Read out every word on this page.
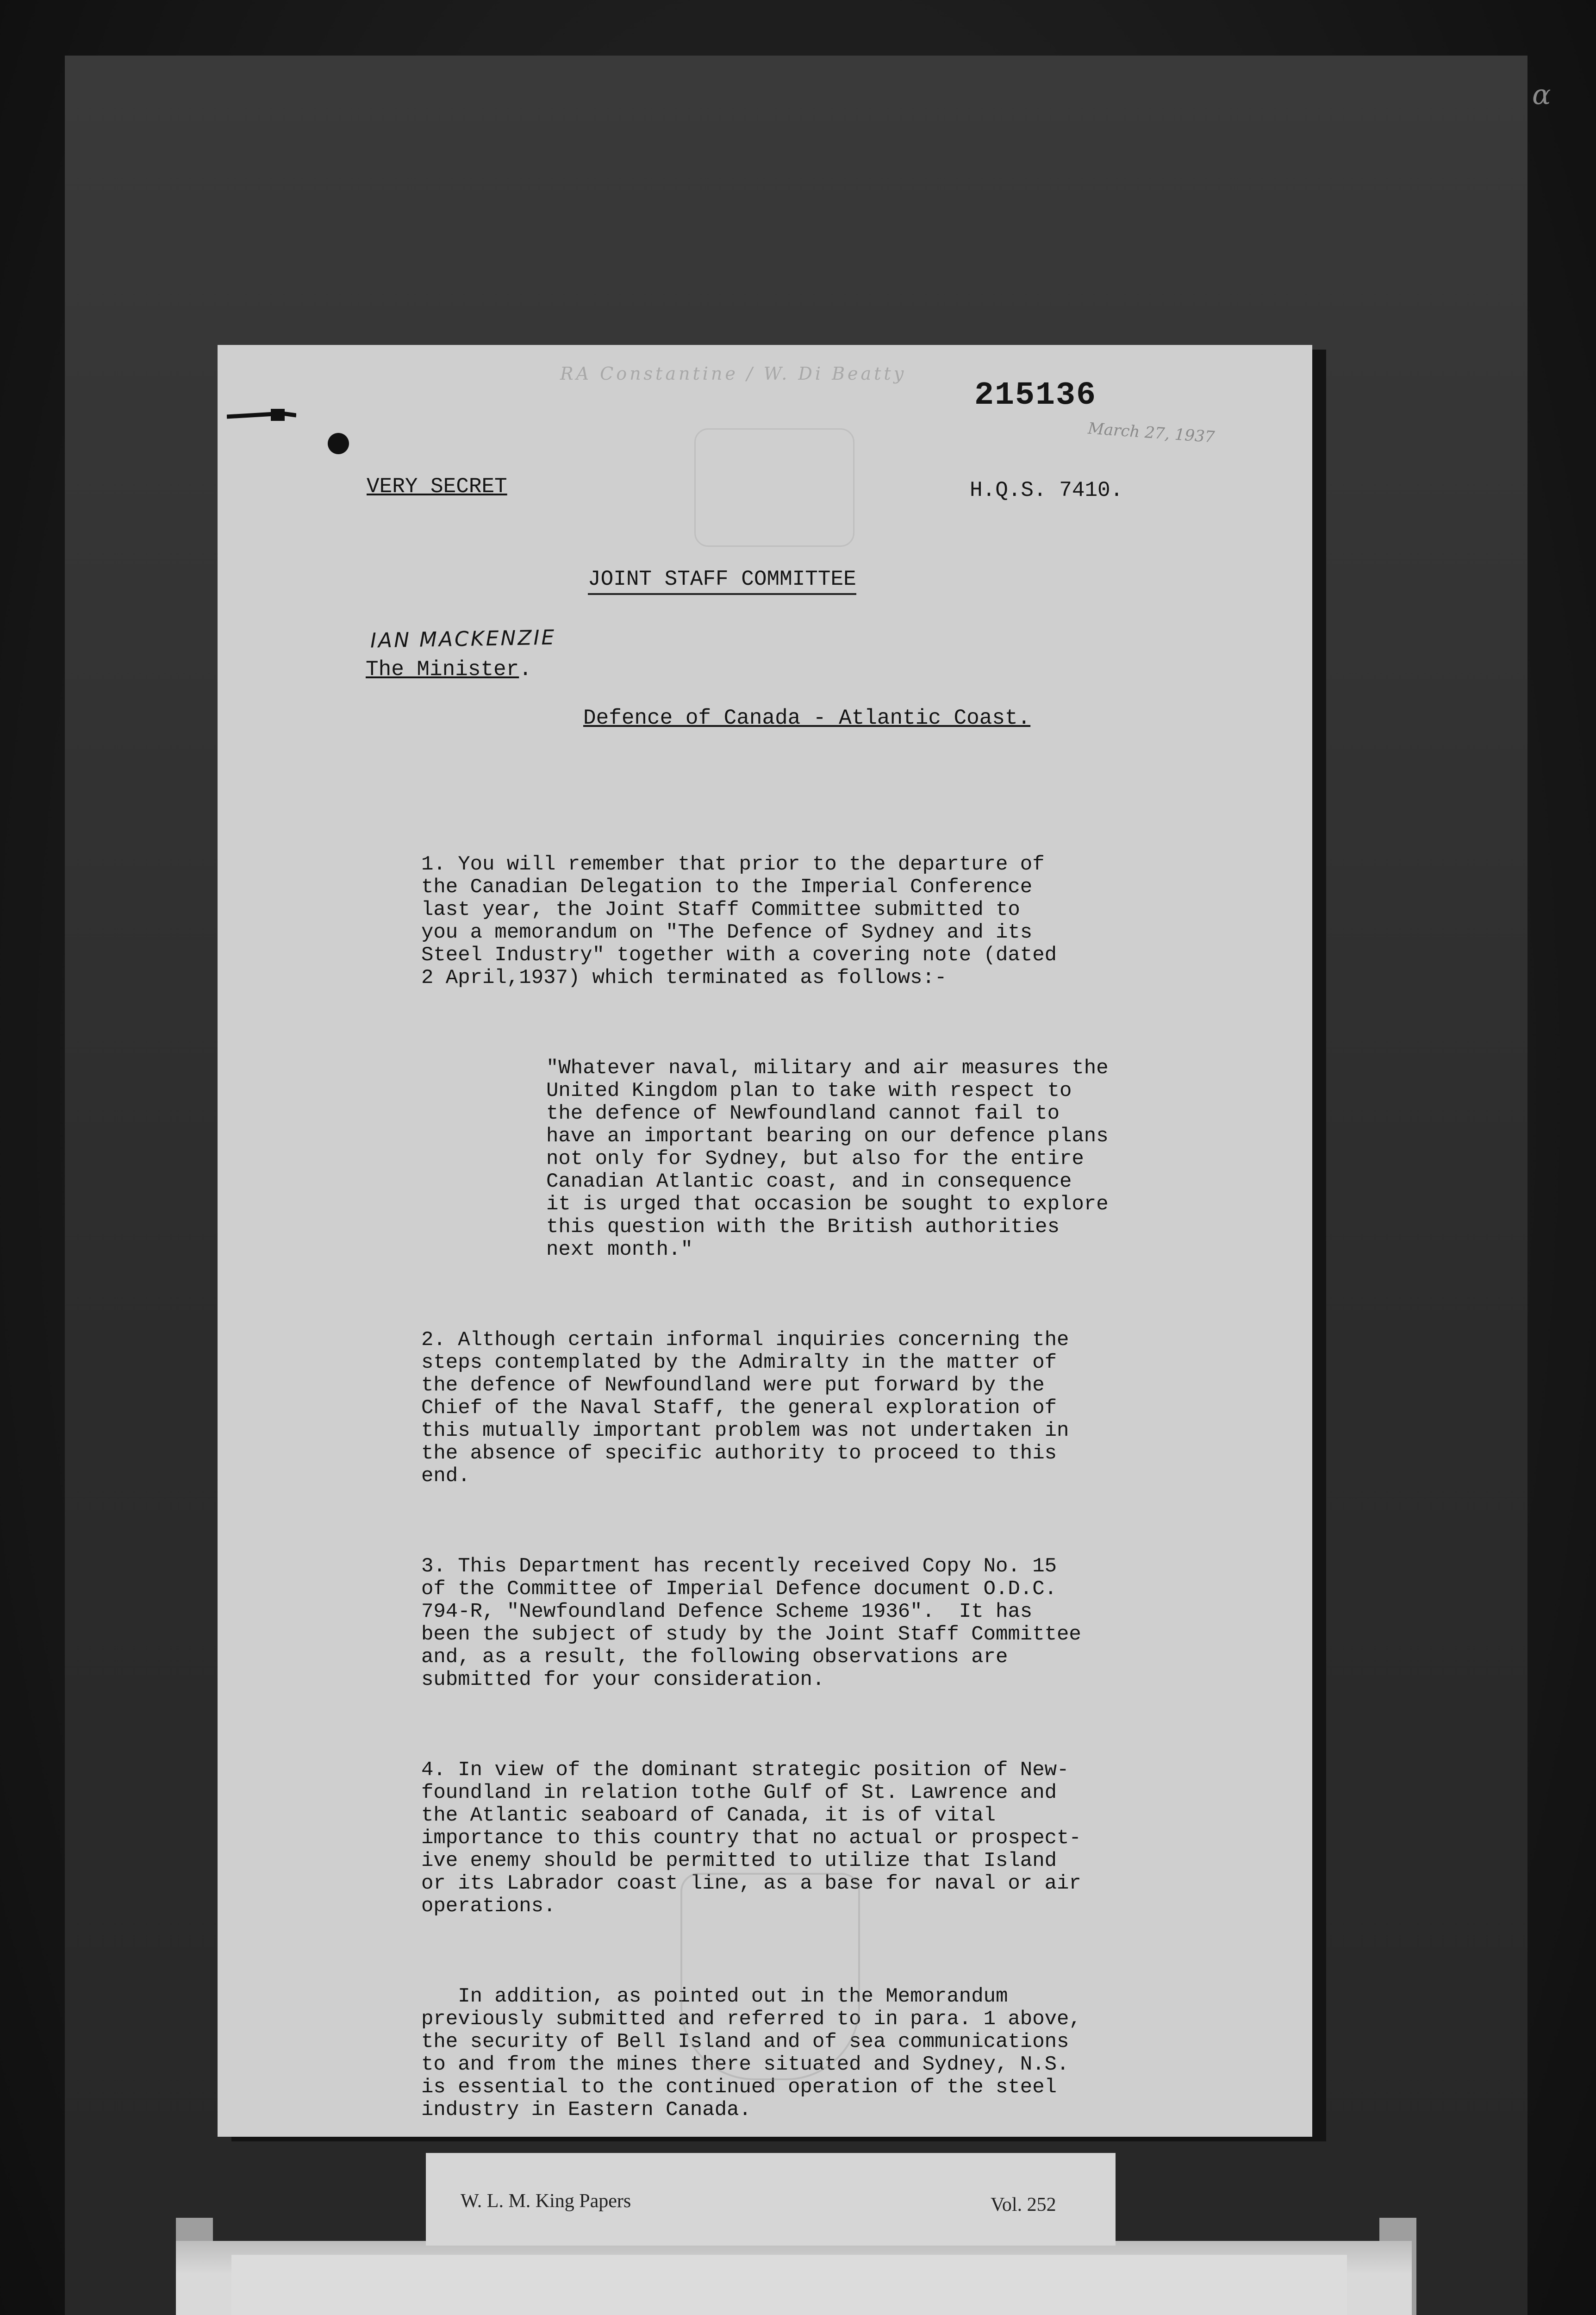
α
RA Constantine / W. Di Beatty
215136
March 27, 1937
VERY SECRET	H.Q.S. 7410.
JOINT STAFF COMMITTEE
IAN MACKENZIE
The Minister.
Defence of Canada - Atlantic Coast.

1. You will remember that prior to the departure of
the Canadian Delegation to the Imperial Conference
last year, the Joint Staff Committee submitted to
you a memorandum on "The Defence of Sydney and its
Steel Industry" together with a covering note (dated
2 April,1937) which terminated as follows:-

"Whatever naval, military and air measures the
United Kingdom plan to take with respect to
the defence of Newfoundland cannot fail to
have an important bearing on our defence plans
not only for Sydney, but also for the entire
Canadian Atlantic coast, and in consequence
it is urged that occasion be sought to explore
this question with the British authorities
next month."

2. Although certain informal inquiries concerning the
steps contemplated by the Admiralty in the matter of
the defence of Newfoundland were put forward by the
Chief of the Naval Staff, the general exploration of
this mutually important problem was not undertaken in
the absence of specific authority to proceed to this
end.

3. This Department has recently received Copy No. 15
of the Committee of Imperial Defence document O.D.C.
794-R, "Newfoundland Defence Scheme 1936".  It has
been the subject of study by the Joint Staff Committee
and, as a result, the following observations are
submitted for your consideration.

4. In view of the dominant strategic position of New-
foundland in relation tothe Gulf of St. Lawrence and
the Atlantic seaboard of Canada, it is of vital
importance to this country that no actual or prospect-
ive enemy should be permitted to utilize that Island
or its Labrador coast line, as a base for naval or air
operations.

In addition, as pointed out in the Memorandum
previously submitted and referred to in para. 1 above,
the security of Bell Island and of sea communications
to and from the mines there situated and Sydney, N.S.
is essential to the continued operation of the steel
industry in Eastern Canada.

W. L. M. King Papers	Vol. 252
